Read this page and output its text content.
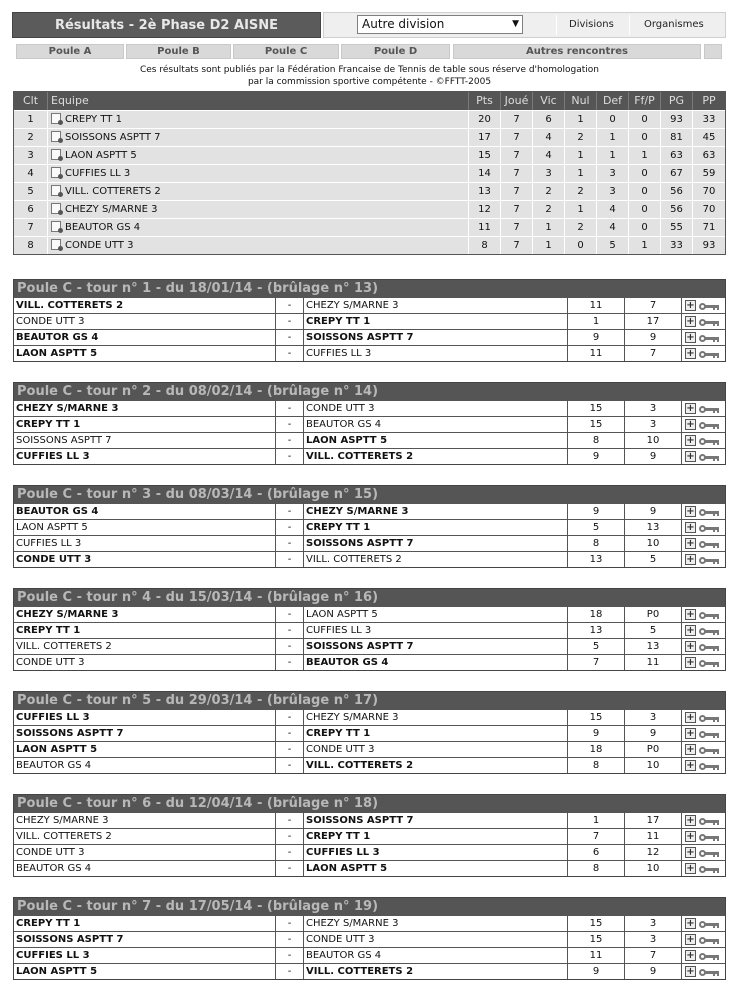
Résultats - 2è Phase D2 AISNE	Autre division	▼	Divisions	Organismes
Poule A	Poule B	Poule C	Poule D	Autres rencontres
Ces résultats sont publiés par la Fédération Francaise de Tennis de table sous réserve d'homologation
par la commission sportive compétente - ©FFTT-2005
Clt	Equipe	Pts	Joué	Vic	Nul	Def	Ff/P	PG	PP
1	CREPY TT 1	20	7	6	1	0	0	93	33
2	SOISSONS ASPTT 7	17	7	4	2	1	0	81	45
3	LAON ASPTT 5	15	7	4	1	1	1	63	63
4	CUFFIES LL 3	14	7	3	1	3	0	67	59
5	VILL. COTTERETS 2	13	7	2	2	3	0	56	70
6	CHEZY S/MARNE 3	12	7	2	1	4	0	56	70
7	BEAUTOR GS 4	11	7	1	2	4	0	55	71
8	CONDE UTT 3	8	7	1	0	5	1	33	93
Poule C - tour n° 1 - du 18/01/14 - (brûlage n° 13)
VILL. COTTERETS 2	-	CHEZY S/MARNE 3	11	7	+
CONDE UTT 3	-	CREPY TT 1	1	17	+
BEAUTOR GS 4	-	SOISSONS ASPTT 7	9	9	+
LAON ASPTT 5	-	CUFFIES LL 3	11	7	+
Poule C - tour n° 2 - du 08/02/14 - (brûlage n° 14)
CHEZY S/MARNE 3	-	CONDE UTT 3	15	3	+
CREPY TT 1	-	BEAUTOR GS 4	15	3	+
SOISSONS ASPTT 7	-	LAON ASPTT 5	8	10	+
CUFFIES LL 3	-	VILL. COTTERETS 2	9	9	+
Poule C - tour n° 3 - du 08/03/14 - (brûlage n° 15)
BEAUTOR GS 4	-	CHEZY S/MARNE 3	9	9	+
LAON ASPTT 5	-	CREPY TT 1	5	13	+
CUFFIES LL 3	-	SOISSONS ASPTT 7	8	10	+
CONDE UTT 3	-	VILL. COTTERETS 2	13	5	+
Poule C - tour n° 4 - du 15/03/14 - (brûlage n° 16)
CHEZY S/MARNE 3	-	LAON ASPTT 5	18	P0	+
CREPY TT 1	-	CUFFIES LL 3	13	5	+
VILL. COTTERETS 2	-	SOISSONS ASPTT 7	5	13	+
CONDE UTT 3	-	BEAUTOR GS 4	7	11	+
Poule C - tour n° 5 - du 29/03/14 - (brûlage n° 17)
CUFFIES LL 3	-	CHEZY S/MARNE 3	15	3	+
SOISSONS ASPTT 7	-	CREPY TT 1	9	9	+
LAON ASPTT 5	-	CONDE UTT 3	18	P0	+
BEAUTOR GS 4	-	VILL. COTTERETS 2	8	10	+
Poule C - tour n° 6 - du 12/04/14 - (brûlage n° 18)
CHEZY S/MARNE 3	-	SOISSONS ASPTT 7	1	17	+
VILL. COTTERETS 2	-	CREPY TT 1	7	11	+
CONDE UTT 3	-	CUFFIES LL 3	6	12	+
BEAUTOR GS 4	-	LAON ASPTT 5	8	10	+
Poule C - tour n° 7 - du 17/05/14 - (brûlage n° 19)
CREPY TT 1	-	CHEZY S/MARNE 3	15	3	+
SOISSONS ASPTT 7	-	CONDE UTT 3	15	3	+
CUFFIES LL 3	-	BEAUTOR GS 4	11	7	+
LAON ASPTT 5	-	VILL. COTTERETS 2	9	9	+
